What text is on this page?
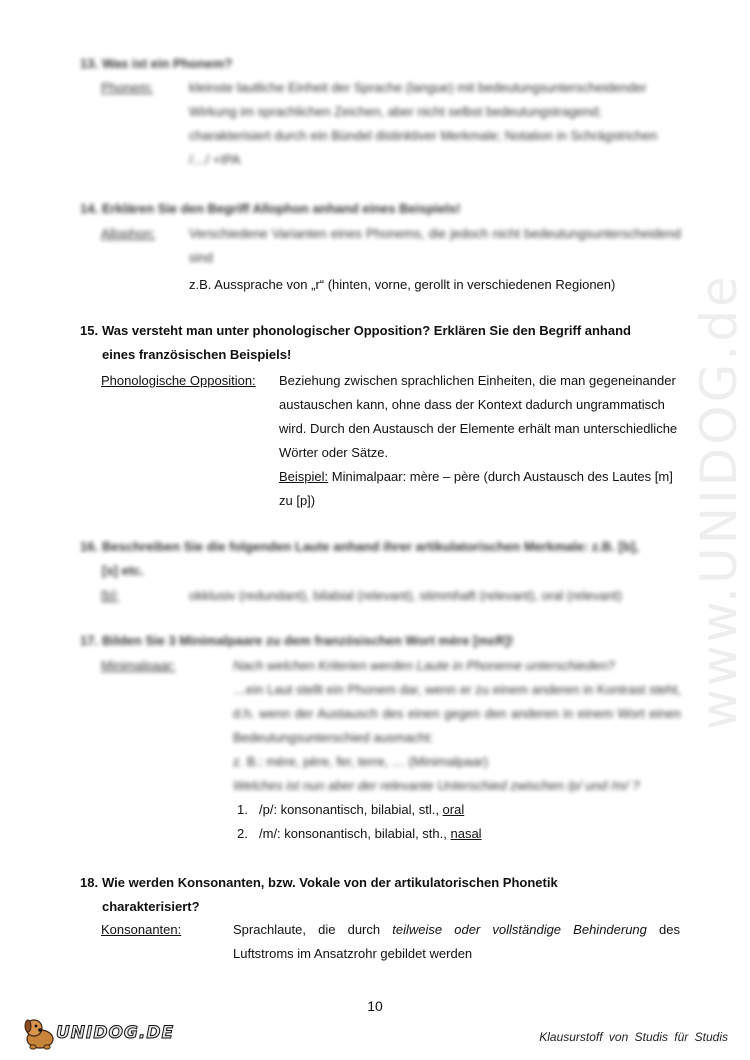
www.UNIDOG.de
13. Was ist ein Phonem?
Phonem:	kleinste lautliche Einheit der Sprache (langue) mit bedeutungsunterscheidender Wirkung im sprachlichen Zeichen, aber nicht selbst bedeutungstragend; charakterisiert durch ein Bündel distinktiver Merkmale; Notation in Schrägstrichen /…/ +IPA
14. Erklären Sie den Begriff Allophon anhand eines Beispiels!
Allophon:	Verschiedene Varianten eines Phonems, die jedoch nicht bedeutungsunterscheidend sind
z.B. Aussprache von „r“ (hinten, vorne, gerollt in verschiedenen Regionen)
15. Was versteht man unter phonologischer Opposition? Erklären Sie den Begriff anhand
eines französischen Beispiels!
Phonologische Opposition: Beziehung zwischen sprachlichen Einheiten, die man gegeneinander austauschen kann, ohne dass der Kontext dadurch ungrammatisch wird. Durch den Austausch der Elemente erhält man unterschiedliche Wörter oder Sätze.
Beispiel: Minimalpaar: mère – père (durch Austausch des Lautes [m] zu [p])
16. Beschreiben Sie die folgenden Laute anhand ihrer artikulatorischen Merkmale: z.B. [b],
[s] etc.
[b]:	okklusiv (redundant), bilabial (relevant), stimmhaft (relevant), oral (relevant)
17. Bilden Sie 3 Minimalpaare zu dem französischen Wort mère [mɛR]!
Minimalpaar:	Nach welchen Kriterien werden Laute in Phoneme unterschieden?
…ein Laut stellt ein Phonem dar, wenn er zu einem anderen in Kontrast steht, d.h. wenn der Austausch des einen gegen den anderen in einem Wort einen Bedeutungsunterschied ausmacht:
z. B.: mère, père, fer, terre, … (Minimalpaar)
Welches ist nun aber der relevante Unterschied zwischen /p/ und /m/ ?
1. /p/: konsonantisch, bilabial, stl., oral
2. /m/: konsonantisch, bilabial, sth., nasal
18. Wie werden Konsonanten, bzw. Vokale von der artikulatorischen Phonetik
charakterisiert?
Konsonanten:	Sprachlaute, die durch teilweise oder vollständige Behinderung des Luftstroms im Ansatzrohr gebildet werden
10
UNIDOG.DE	Klausurstoff von Studis für Studis
